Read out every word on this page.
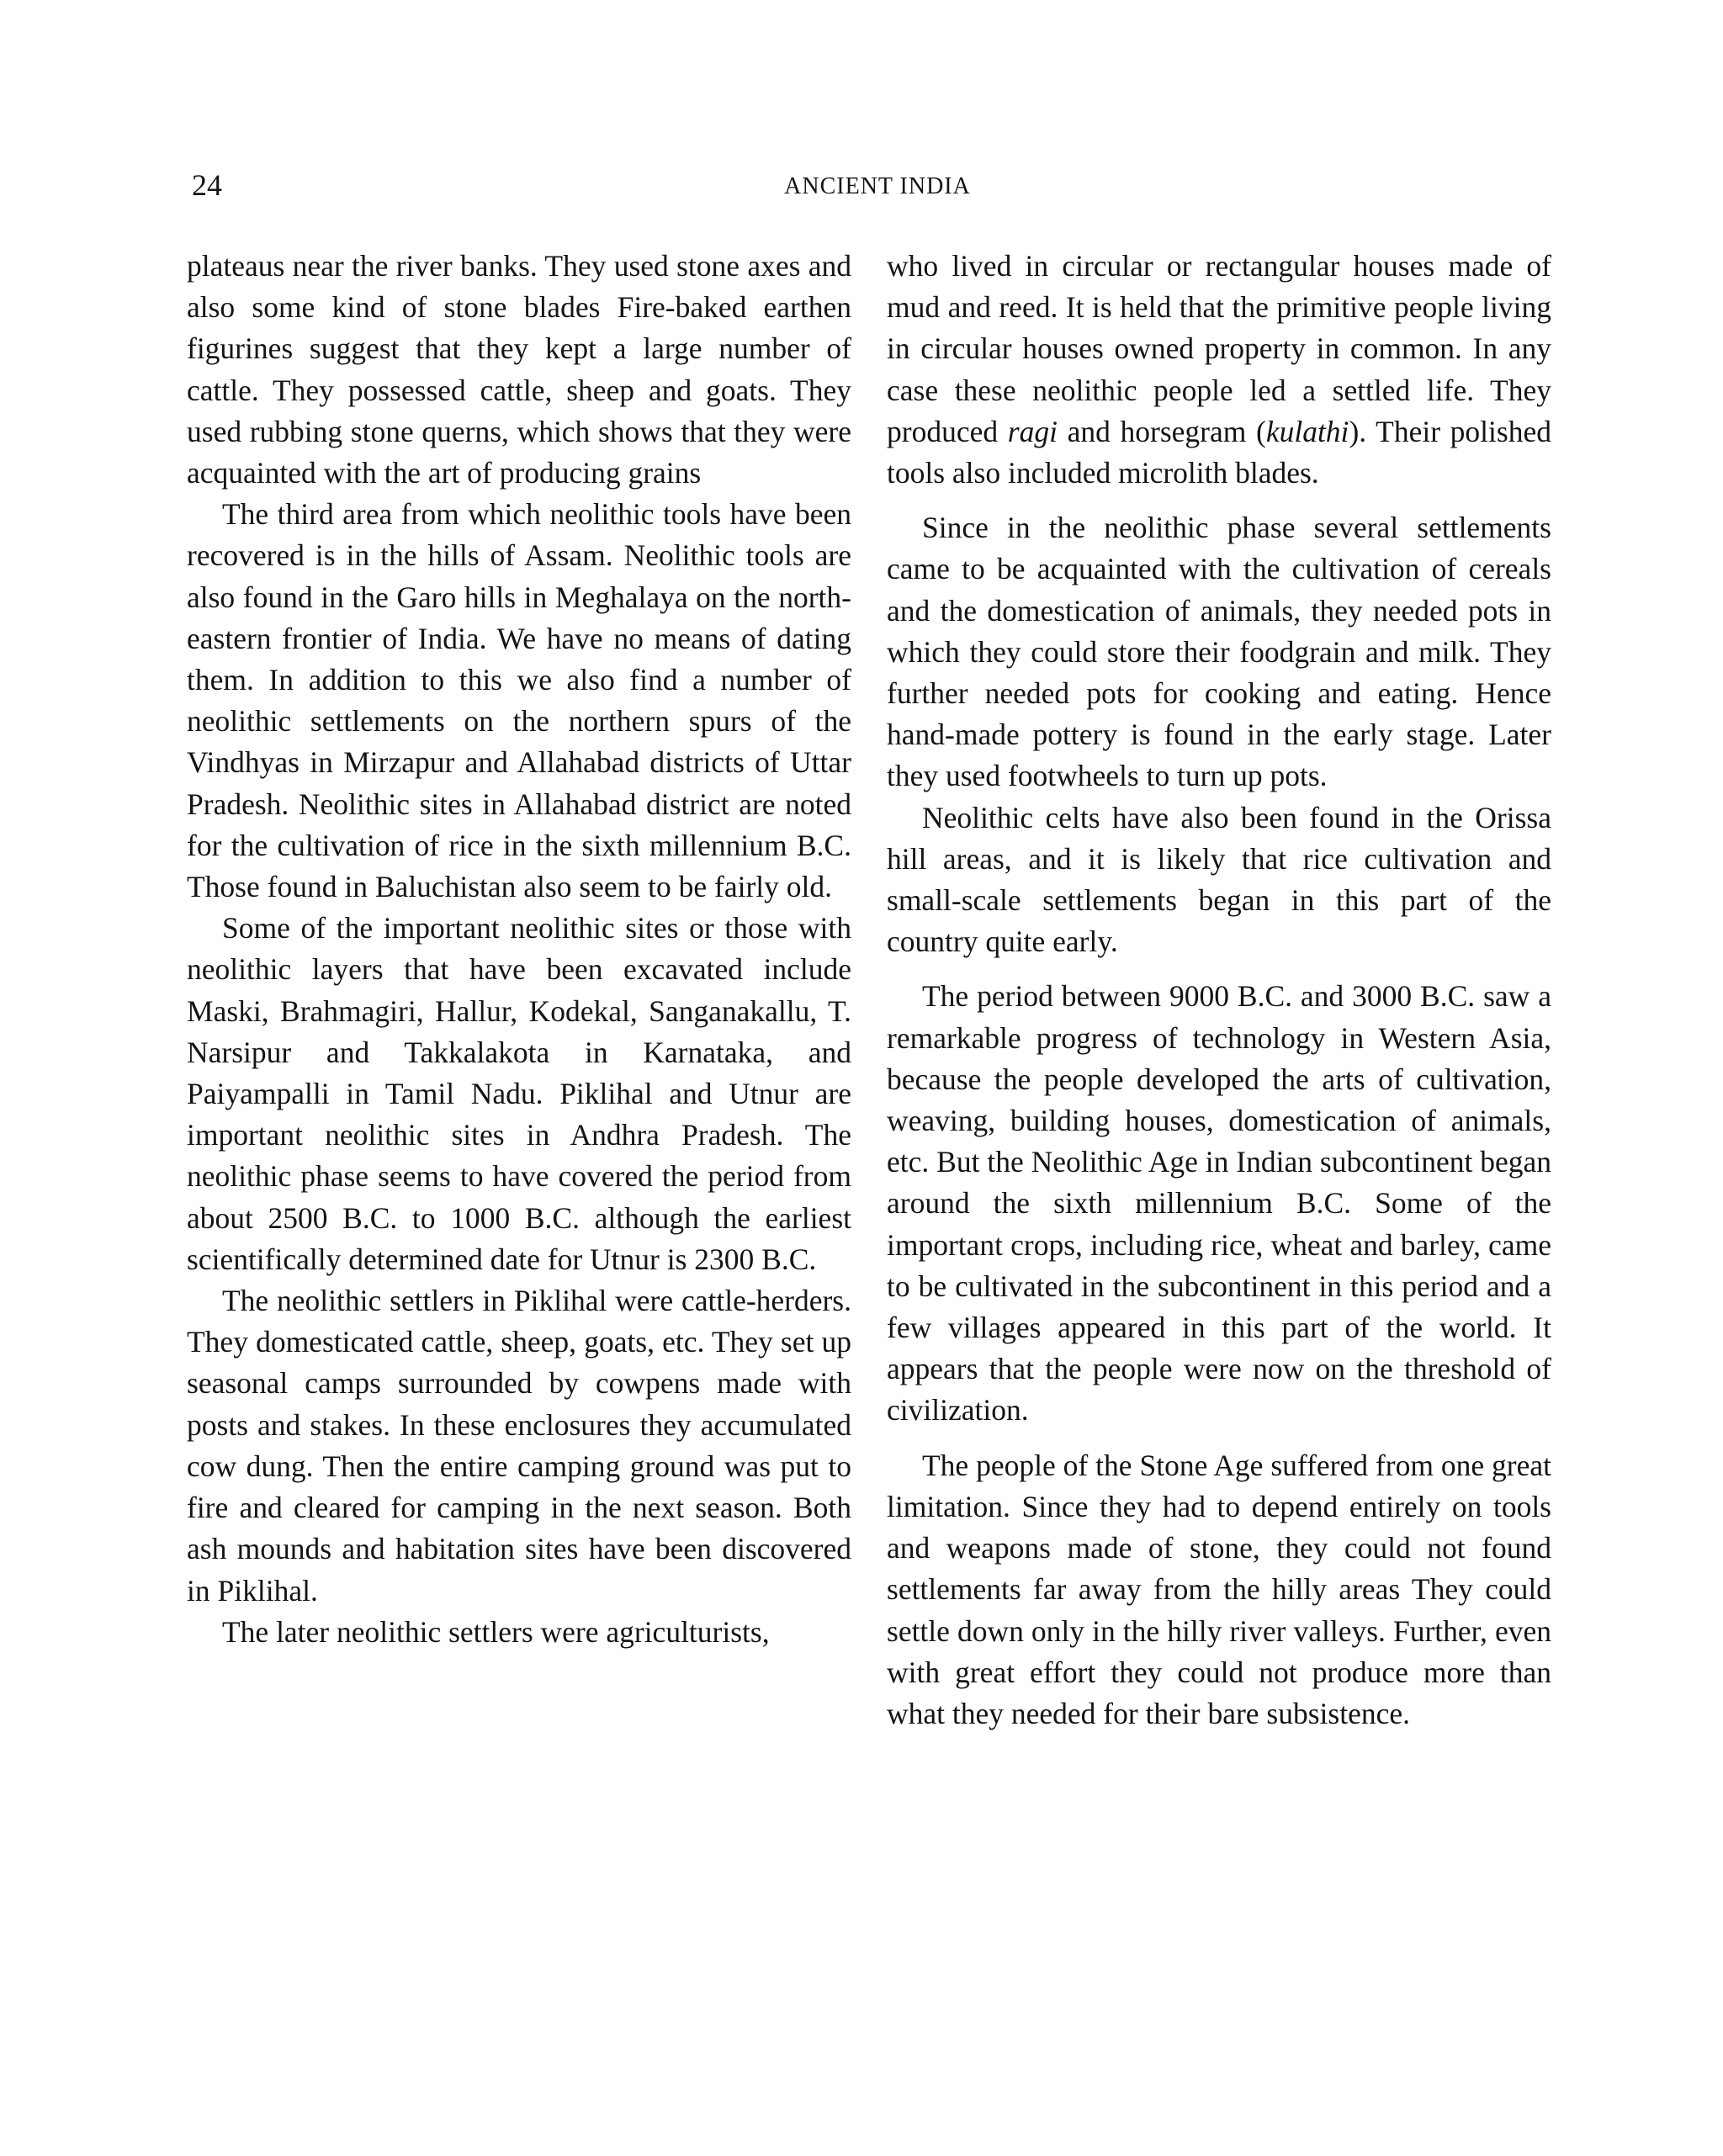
24	ANCIENT INDIA

plateaus near the river banks. They used stone axes and also some kind of stone blades Fire-baked earthen figurines suggest that they kept a large number of cattle. They possessed cattle, sheep and goats. They used rubbing stone querns, which shows that they were acquainted with the art of producing grains

The third area from which neolithic tools have been recovered is in the hills of Assam. Neolithic tools are also found in the Garo hills in Meghalaya on the north-eastern frontier of India. We have no means of dating them. In addition to this we also find a number of neolithic settlements on the northern spurs of the Vindhyas in Mirzapur and Allahabad districts of Uttar Pradesh. Neolithic sites in Allahabad district are noted for the cultivation of rice in the sixth millennium B.C. Those found in Baluchistan also seem to be fairly old.

Some of the important neolithic sites or those with neolithic layers that have been excavated include Maski, Brahmagiri, Hallur, Kodekal, Sanganakallu, T. Narsipur and Takkalakota in Karnataka, and Paiyampalli in Tamil Nadu. Piklihal and Utnur are important neolithic sites in Andhra Pradesh. The neolithic phase seems to have covered the period from about 2500 B.C. to 1000 B.C. although the earliest scientifically determined date for Utnur is 2300 B.C.

The neolithic settlers in Piklihal were cattle-herders. They domesticated cattle, sheep, goats, etc. They set up seasonal camps surrounded by cowpens made with posts and stakes. In these enclosures they accumulated cow dung. Then the entire camping ground was put to fire and cleared for camping in the next season. Both ash mounds and habitation sites have been discovered in Piklihal.

The later neolithic settlers were agriculturists,

who lived in circular or rectangular houses made of mud and reed. It is held that the primitive people living in circular houses owned property in common. In any case these neolithic people led a settled life. They produced ragi and horsegram (kulathi). Their polished tools also included microlith blades.

Since in the neolithic phase several settlements came to be acquainted with the cultivation of cereals and the domestication of animals, they needed pots in which they could store their foodgrain and milk. They further needed pots for cooking and eating. Hence hand-made pottery is found in the early stage. Later they used footwheels to turn up pots.

Neolithic celts have also been found in the Orissa hill areas, and it is likely that rice cultivation and small-scale settlements began in this part of the country quite early.

The period between 9000 B.C. and 3000 B.C. saw a remarkable progress of technology in Western Asia, because the people developed the arts of cultivation, weaving, building houses, domestication of animals, etc. But the Neolithic Age in Indian subcontinent began around the sixth millennium B.C. Some of the important crops, including rice, wheat and barley, came to be cultivated in the subcontinent in this period and a few villages appeared in this part of the world. It appears that the people were now on the threshold of civilization.

The people of the Stone Age suffered from one great limitation. Since they had to depend entirely on tools and weapons made of stone, they could not found settlements far away from the hilly areas They could settle down only in the hilly river valleys. Further, even with great effort they could not produce more than what they needed for their bare subsistence.
